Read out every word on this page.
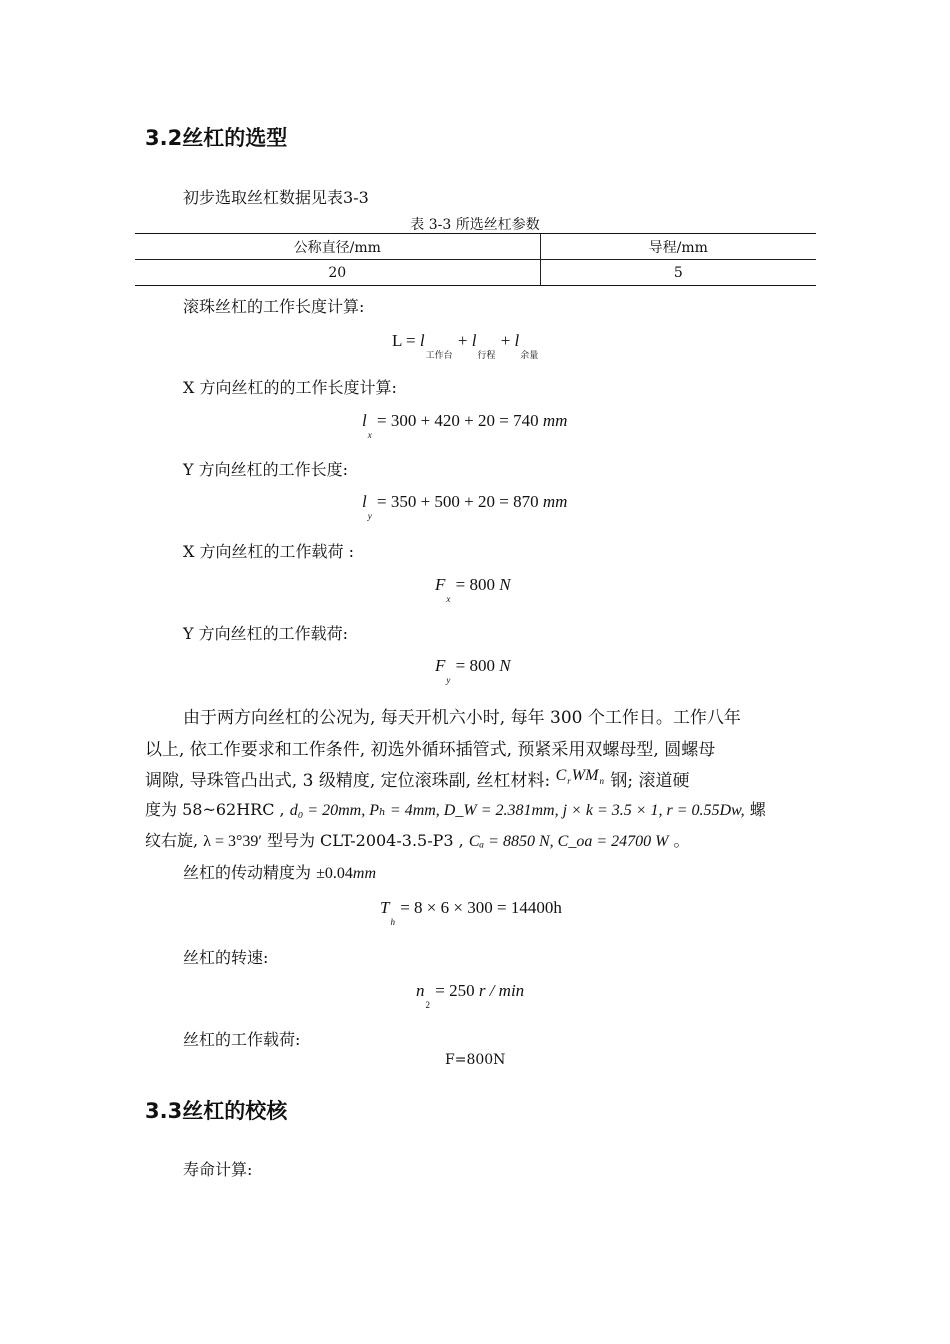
3.2丝杠的选型
初步选取丝杠数据见表3-3
表 3-3 所选丝杠参数
公称直径/mm	导程/mm
20	5
滚珠丝杠的工作长度计算:
$L = l_{工作台} + l_{行程} + l_{余量}$
X 方向丝杠的的工作长度计算:
$l_x = 300 + 420 + 20 = 740$ mm
Y 方向丝杠的工作长度:
$l_y = 350 + 500 + 20 = 870$ mm
X 方向丝杠的工作载荷 :
$F_x = 800$ N
Y 方向丝杠的工作载荷:
$F_y = 800$ N
由于两方向丝杠的公况为, 每天开机六小时, 每年 300 个工作日。工作八年
以上, 依工作要求和工作条件, 初选外循环插管式, 预紧采用双螺母型, 圆螺母
调隙, 导珠管凸出式, 3 级精度, 定位滚珠副, 丝杠材料: $C_rWM_n$ 钢; 滚道硬
度为 58~62HRC , d₀ = 20mm, Pₕ = 4mm, D_W = 2.381mm, j × k = 3.5 × 1, r = 0.55Dw, 螺
纹右旋, λ = 3°39′ 型号为 CLT-2004-3.5-P3 , Cₐ = 8850 N, C_oa = 24700 W 。
丝杠的传动精度为 ±0.04mm
$T_h = 8 \times 6 \times 300 = 14400h$
丝杠的转速:
$n_2 = 250$ r / min
丝杠的工作载荷:
F=800N
3.3丝杠的校核
寿命计算:
